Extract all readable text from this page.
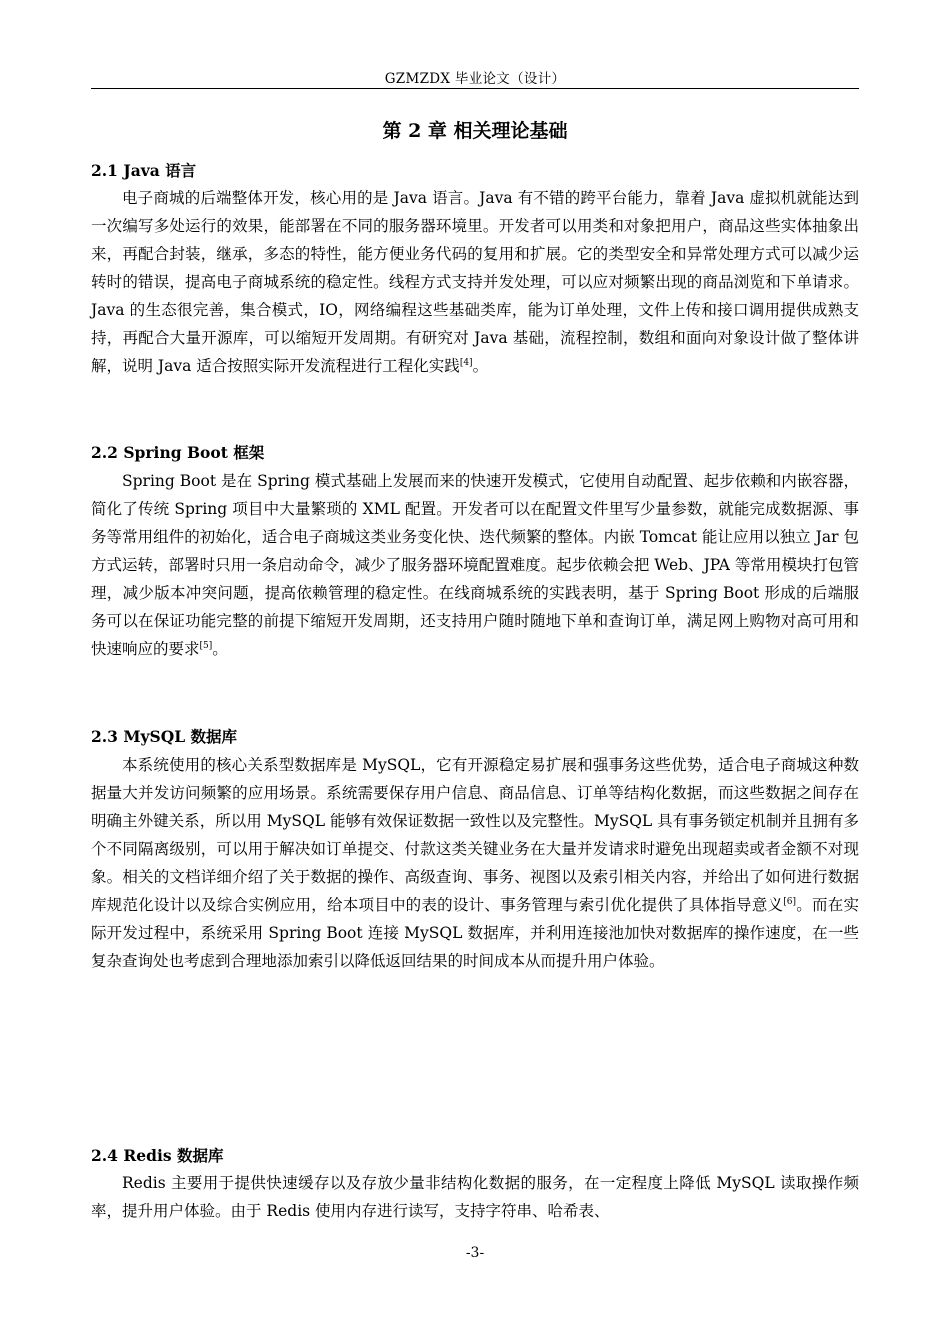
GZMZDX 毕业论文（设计）
第 2 章 相关理论基础
2.1 Java 语言

电子商城的后端整体开发，核心用的是 Java 语言。Java 有不错的跨平台能力，靠着 Java 虚拟机就能达到一次编写多处运行的效果，能部署在不同的服务器环境里。开发者可以用类和对象把用户，商品这些实体抽象出来，再配合封装，继承，多态的特性，能方便业务代码的复用和扩展。它的类型安全和异常处理方式可以减少运转时的错误，提高电子商城系统的稳定性。线程方式支持并发处理，可以应对频繁出现的商品浏览和下单请求。Java 的生态很完善，集合模式，IO，网络编程这些基础类库，能为订单处理，文件上传和接口调用提供成熟支持，再配合大量开源库，可以缩短开发周期。有研究对 Java 基础，流程控制，数组和面向对象设计做了整体讲解，说明 Java 适合按照实际开发流程进行工程化实践[4]。

2.2 Spring Boot 框架

Spring Boot 是在 Spring 模式基础上发展而来的快速开发模式，它使用自动配置、起步依赖和内嵌容器，简化了传统 Spring 项目中大量繁琐的 XML 配置。开发者可以在配置文件里写少量参数，就能完成数据源、事务等常用组件的初始化，适合电子商城这类业务变化快、迭代频繁的整体。内嵌 Tomcat 能让应用以独立 Jar 包方式运转，部署时只用一条启动命令，减少了服务器环境配置难度。起步依赖会把 Web、JPA 等常用模块打包管理，减少版本冲突问题，提高依赖管理的稳定性。在线商城系统的实践表明，基于 Spring Boot 形成的后端服务可以在保证功能完整的前提下缩短开发周期，还支持用户随时随地下单和查询订单，满足网上购物对高可用和快速响应的要求[5]。

2.3 MySQL 数据库

本系统使用的核心关系型数据库是 MySQL，它有开源稳定易扩展和强事务这些优势，适合电子商城这种数据量大并发访问频繁的应用场景。系统需要保存用户信息、商品信息、订单等结构化数据，而这些数据之间存在明确主外键关系，所以用 MySQL 能够有效保证数据一致性以及完整性。MySQL 具有事务锁定机制并且拥有多个不同隔离级别，可以用于解决如订单提交、付款这类关键业务在大量并发请求时避免出现超卖或者金额不对现象。相关的文档详细介绍了关于数据的操作、高级查询、事务、视图以及索引相关内容，并给出了如何进行数据库规范化设计以及综合实例应用，给本项目中的表的设计、事务管理与索引优化提供了具体指导意义[6]。而在实际开发过程中，系统采用 Spring Boot 连接 MySQL 数据库，并利用连接池加快对数据库的操作速度，在一些复杂查询处也考虑到合理地添加索引以降低返回结果的时间成本从而提升用户体验。

2.4 Redis 数据库

Redis 主要用于提供快速缓存以及存放少量非结构化数据的服务，在一定程度上降低 MySQL 读取操作频率，提升用户体验。由于 Redis 使用内存进行读写，支持字符串、哈希表、

-3-
